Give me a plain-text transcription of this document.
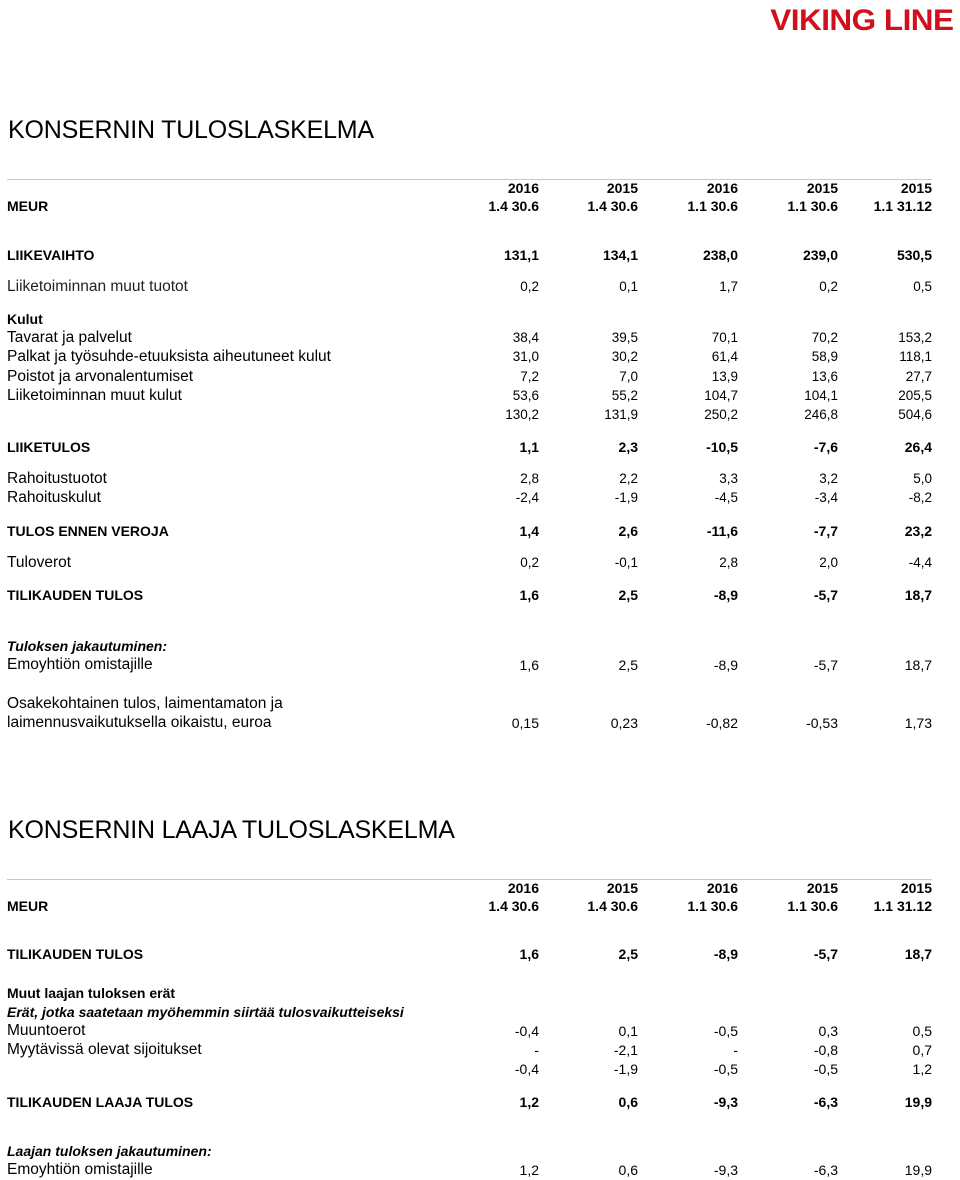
VIKING LINE
KONSERNIN TULOSLASKELMA
2016	2015	2016	2015	2015
MEUR	1.4 30.6	1.4 30.6	1.1 30.6	1.1 30.6	1.1 31.12
LIIKEVAIHTO	131,1	134,1	238,0	239,0	530,5
Liiketoiminnan muut tuotot	0,2	0,1	1,7	0,2	0,5
Kulut
Tavarat ja palvelut	38,4	39,5	70,1	70,2	153,2
Palkat ja työsuhde-etuuksista aiheutuneet kulut	31,0	30,2	61,4	58,9	118,1
Poistot ja arvonalentumiset	7,2	7,0	13,9	13,6	27,7
Liiketoiminnan muut kulut	53,6	55,2	104,7	104,1	205,5
130,2	131,9	250,2	246,8	504,6
LIIKETULOS	1,1	2,3	-10,5	-7,6	26,4
Rahoitustuotot	2,8	2,2	3,3	3,2	5,0
Rahoituskulut	-2,4	-1,9	-4,5	-3,4	-8,2
TULOS ENNEN VEROJA	1,4	2,6	-11,6	-7,7	23,2
Tuloverot	0,2	-0,1	2,8	2,0	-4,4
TILIKAUDEN TULOS	1,6	2,5	-8,9	-5,7	18,7
Tuloksen jakautuminen:
Emoyhtiön omistajille	1,6	2,5	-8,9	-5,7	18,7
Osakekohtainen tulos, laimentamaton ja
laimennusvaikutuksella oikaistu, euroa	0,15	0,23	-0,82	-0,53	1,73
KONSERNIN LAAJA TULOSLASKELMA
2016	2015	2016	2015	2015
MEUR	1.4 30.6	1.4 30.6	1.1 30.6	1.1 30.6	1.1 31.12
TILIKAUDEN TULOS	1,6	2,5	-8,9	-5,7	18,7
Muut laajan tuloksen erät
Erät, jotka saatetaan myöhemmin siirtää tulosvaikutteiseksi
Muuntoerot	-0,4	0,1	-0,5	0,3	0,5
Myytävissä olevat sijoitukset	-	-2,1	-	-0,8	0,7
-0,4	-1,9	-0,5	-0,5	1,2
TILIKAUDEN LAAJA TULOS	1,2	0,6	-9,3	-6,3	19,9
Laajan tuloksen jakautuminen:
Emoyhtiön omistajille	1,2	0,6	-9,3	-6,3	19,9
